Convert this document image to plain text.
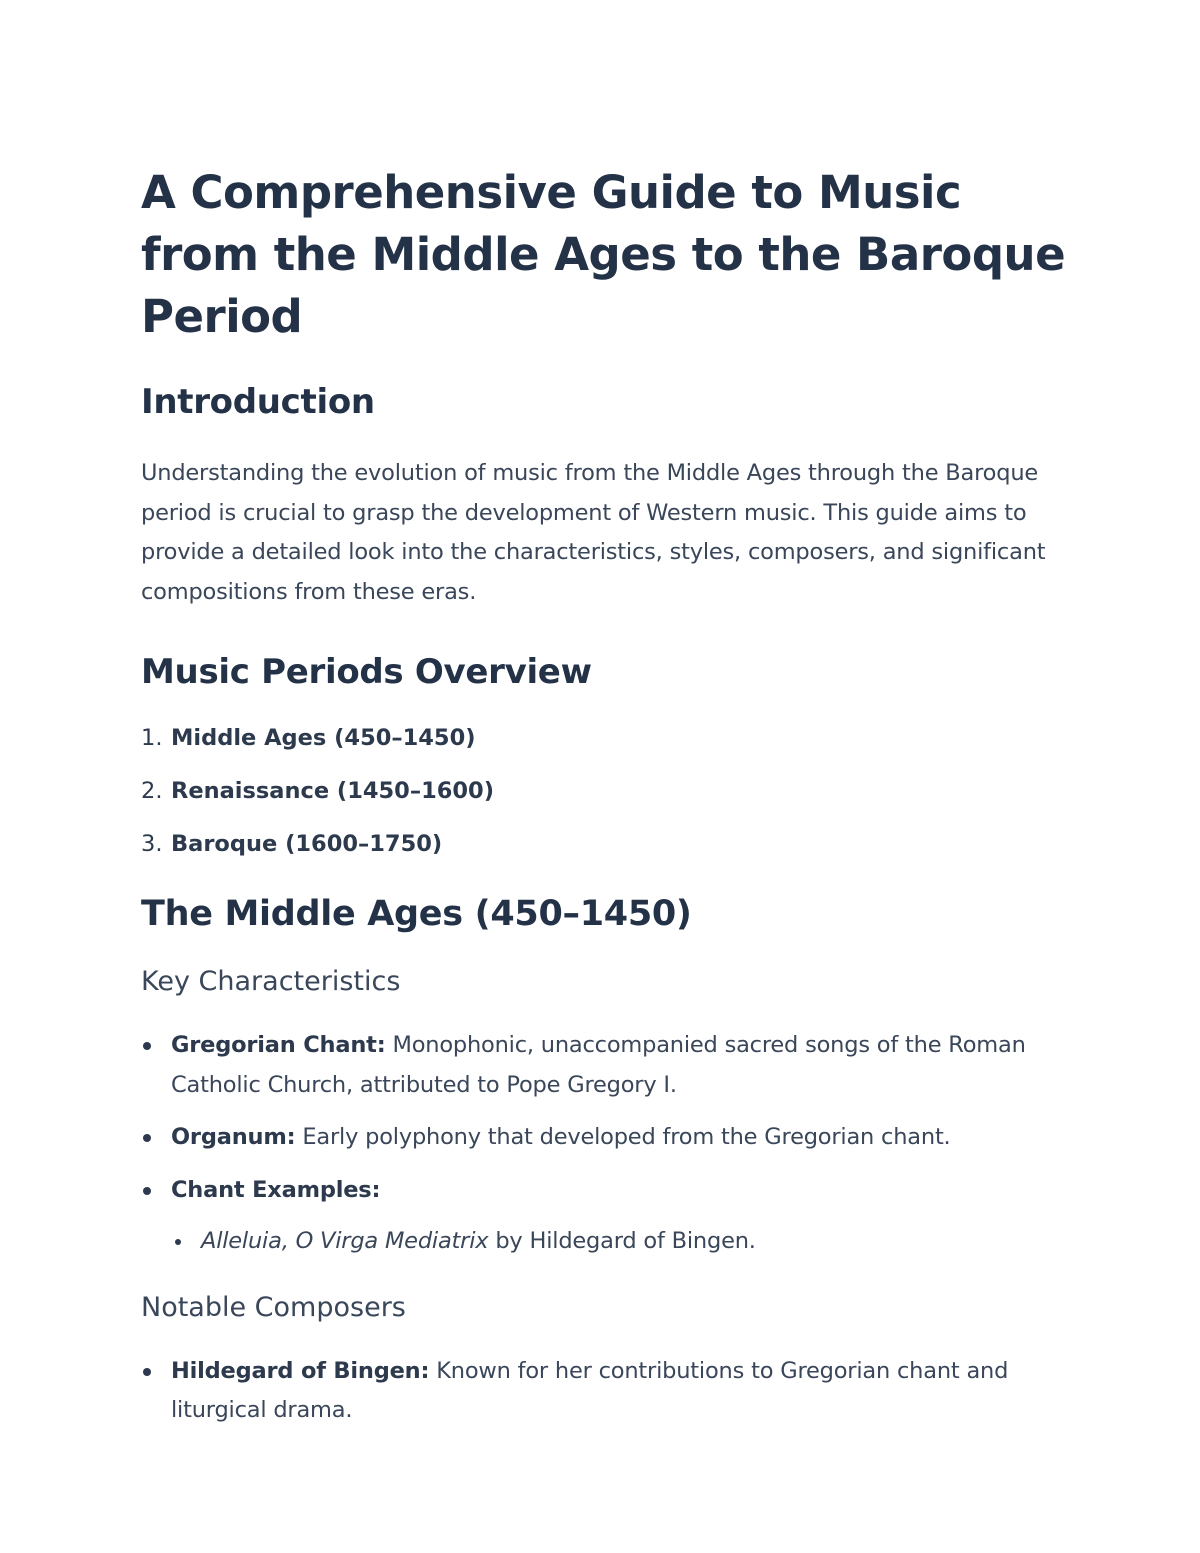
A Comprehensive Guide to Music from the Middle Ages to the Baroque Period
Introduction

Understanding the evolution of music from the Middle Ages through the Baroque period is crucial to grasp the development of Western music. This guide aims to provide a detailed look into the characteristics, styles, composers, and significant compositions from these eras.

Music Periods Overview
1. Middle Ages (450–1450)
2. Renaissance (1450–1600)
3. Baroque (1600–1750)
The Middle Ages (450–1450)
Key Characteristics
Gregorian Chant: Monophonic, unaccompanied sacred songs of the Roman Catholic Church, attributed to Pope Gregory I.
Organum: Early polyphony that developed from the Gregorian chant.
Chant Examples:
Alleluia, O Virga Mediatrix by Hildegard of Bingen.
Notable Composers
Hildegard of Bingen: Known for her contributions to Gregorian chant and liturgical drama.
